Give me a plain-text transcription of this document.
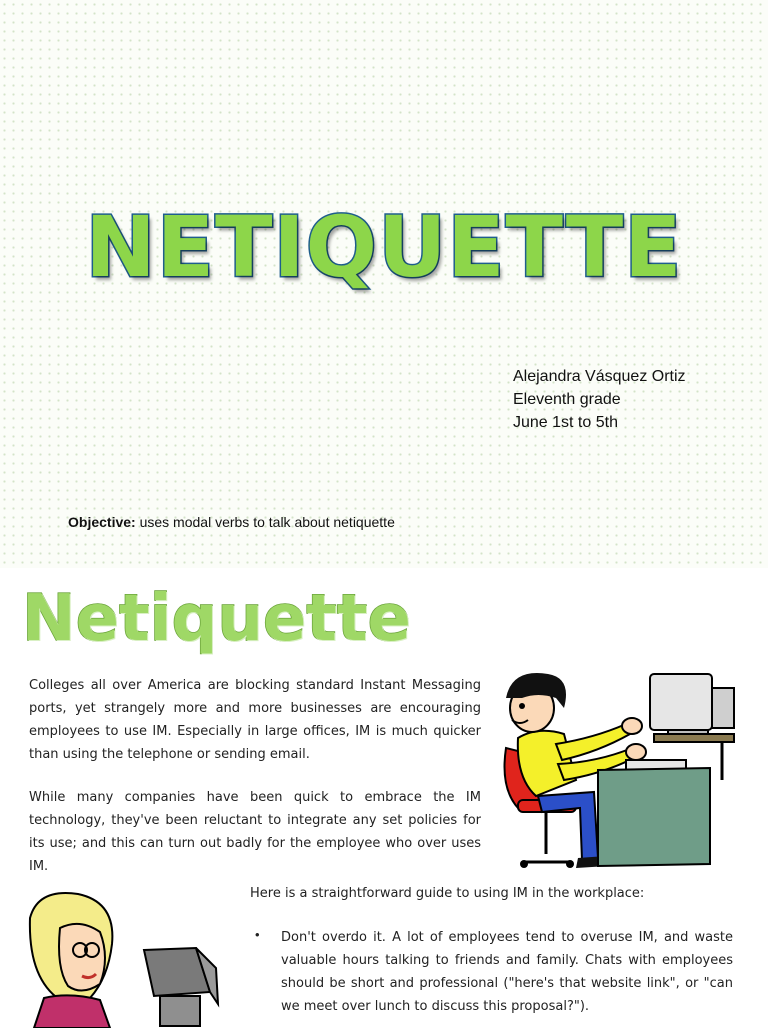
NETIQUETTE
Alejandra Vásquez Ortiz
Eleventh grade
June 1st to 5th
Objective: uses modal verbs to talk about netiquette
Netiquette
Colleges all over America are blocking standard Instant Messaging ports, yet strangely more and more businesses are encouraging employees to use IM. Especially in large offices, IM is much quicker than using the telephone or sending email.
While many companies have been quick to embrace the IM technology, they've been reluctant to integrate any set policies for its use; and this can turn out badly for the employee who over uses IM.
Here is a straightforward guide to using IM in the workplace:
• Don't overdo it. A lot of employees tend to overuse IM, and waste valuable hours talking to friends and family. Chats with employees should be short and professional ("here's that website link", or "can we meet over lunch to discuss this proposal?").
